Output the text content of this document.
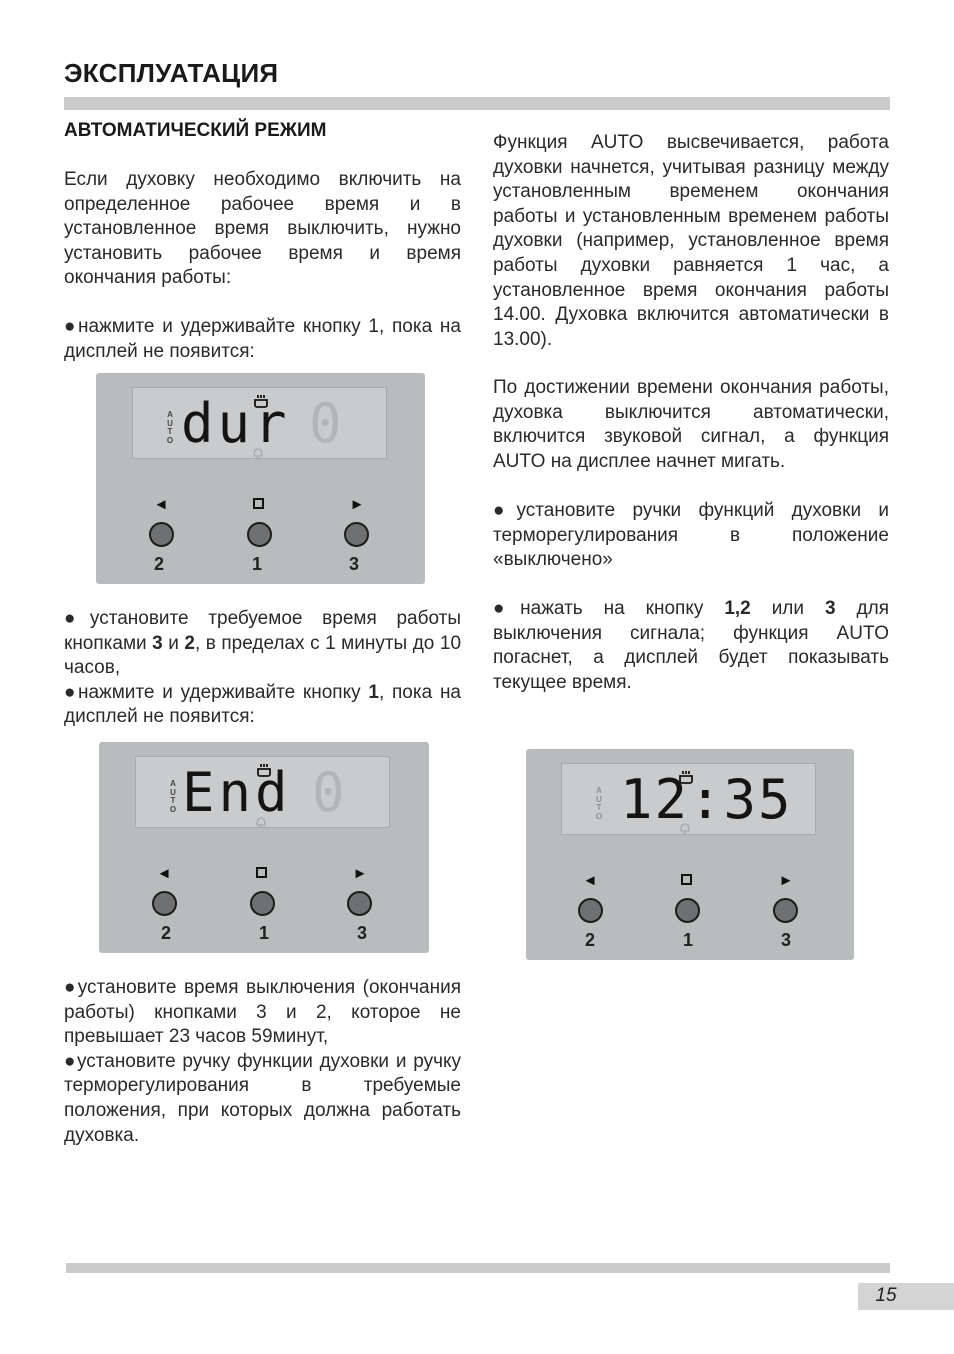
ЭКСПЛУАТАЦИЯ
АВТОМАТИЧЕСКИЙ РЕЖИМ

Если духовку необходимо включить на определенное рабочее время и в установленное время выключить, нужно установить рабочее время и время окончания работы:

●нажмите и удерживайте кнопку 1, пока на дисплей не появится:

A
U
T
O dur 0
◄	►
2	1	3

●установите требуемое время работы кнопками 3 и 2, в пределах с 1 минуты до 10 часов,

●нажмите и удерживайте кнопку 1, пока на дисплей не появится:

A
U
T
O End 0
◄	►
2	1	3

●установите время выключения (окончания работы) кнопками 3 и 2, которое не превышает 23 часов 59минут,

●установите ручку функции духовки и ручку терморегулирования в требуемые положения, при которых должна работать духовка.

Функция AUTO высвечивается, работа духовки начнется, учитывая разницу между установленным временем окончания работы и установленным временем работы духовки (например, установленное время работы духовки равняется 1 час, а установленное время окончания работы 14.00. Духовка включится автоматически в 13.00).

По достижении времени окончания работы, духовка выключится автоматически, включится звуковой сигнал, а функция AUTO на дисплее начнет мигать.

●установите ручки функций духовки и терморегулирования в положение «выключено»

●нажать на кнопку 1,2 или 3 для выключения сигнала; функция AUTO погаснет, а дисплей будет показывать текущее время.

A
U
T
O 12:35
◄	►
2	1	3
15
